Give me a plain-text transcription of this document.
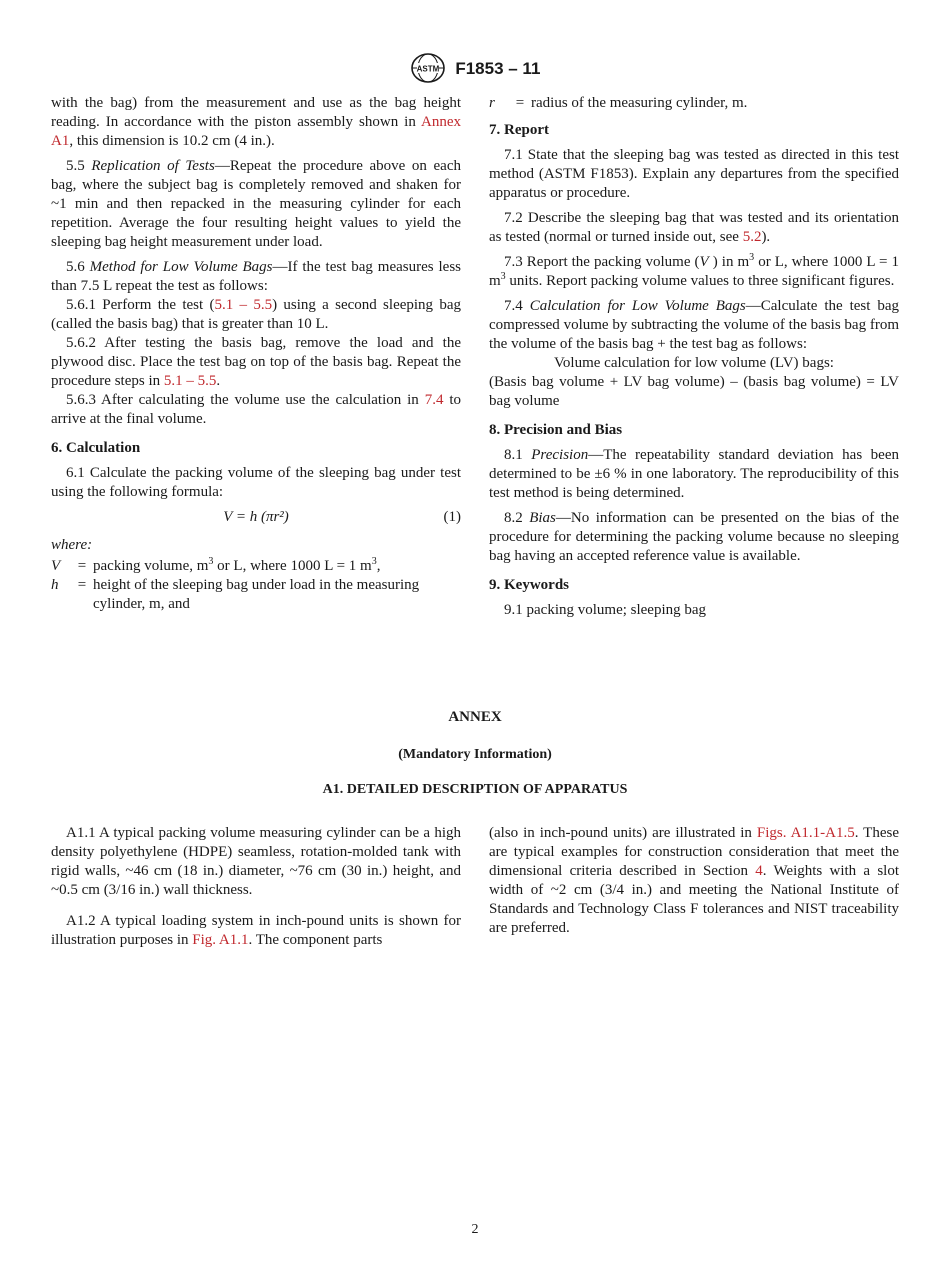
ASTM F1853 – 11

with the bag) from the measurement and use as the bag height reading. In accordance with the piston assembly shown in Annex A1, this dimension is 10.2 cm (4 in.).

5.5 Replication of Tests—Repeat the procedure above on each bag, where the subject bag is completely removed and shaken for ~1 min and then repacked in the measuring cylinder for each repetition. Average the four resulting height values to yield the sleeping bag height measurement under load.

5.6 Method for Low Volume Bags—If the test bag measures less than 7.5 L repeat the test as follows:

5.6.1 Perform the test (5.1 – 5.5) using a second sleeping bag (called the basis bag) that is greater than 10 L.

5.6.2 After testing the basis bag, remove the load and the plywood disc. Place the test bag on top of the basis bag. Repeat the procedure steps in 5.1 – 5.5.

5.6.3 After calculating the volume use the calculation in 7.4 to arrive at the final volume.

6. Calculation

6.1 Calculate the packing volume of the sleeping bag under test using the following formula:

V = h (πr²)	(1)
where:
V	=	packing volume, $m^3$ or L, where 1000 L = 1 $m^3$,
h	=	height of the sleeping bag under load in the measuring cylinder, m, and
r	=	radius of the measuring cylinder, m.
7. Report

7.1 State that the sleeping bag was tested as directed in this test method (ASTM F1853). Explain any departures from the specified apparatus or procedure.

7.2 Describe the sleeping bag that was tested and its orientation as tested (normal or turned inside out, see 5.2).

7.3 Report the packing volume (V ) in $m^3$ or L, where 1000 L = 1 $m^3$ units. Report packing volume values to three significant figures.

7.4 Calculation for Low Volume Bags—Calculate the test bag compressed volume by subtracting the volume of the basis bag from the volume of the basis bag + the test bag as follows:

Volume calculation for low volume (LV) bags:

(Basis bag volume + LV bag volume) – (basis bag volume) = LV bag volume

8. Precision and Bias

8.1 Precision—The repeatability standard deviation has been determined to be ±6 % in one laboratory. The reproducibility of this test method is being determined.

8.2 Bias—No information can be presented on the bias of the procedure for determining the packing volume because no sleeping bag having an accepted reference value is available.

9. Keywords

9.1 packing volume; sleeping bag

ANNEX
(Mandatory Information)
A1. DETAILED DESCRIPTION OF APPARATUS

A1.1 A typical packing volume measuring cylinder can be a high density polyethylene (HDPE) seamless, rotation-molded tank with rigid walls, ~46 cm (18 in.) diameter, ~76 cm (30 in.) height, and ~0.5 cm (3/16 in.) wall thickness.

A1.2 A typical loading system in inch-pound units is shown for illustration purposes in Fig. A1.1. The component parts

(also in inch-pound units) are illustrated in Figs. A1.1-A1.5. These are typical examples for construction consideration that meet the dimensional criteria described in Section 4. Weights with a slot width of ~2 cm (3/4 in.) and meeting the National Institute of Standards and Technology Class F tolerances and NIST traceability are preferred.

2
